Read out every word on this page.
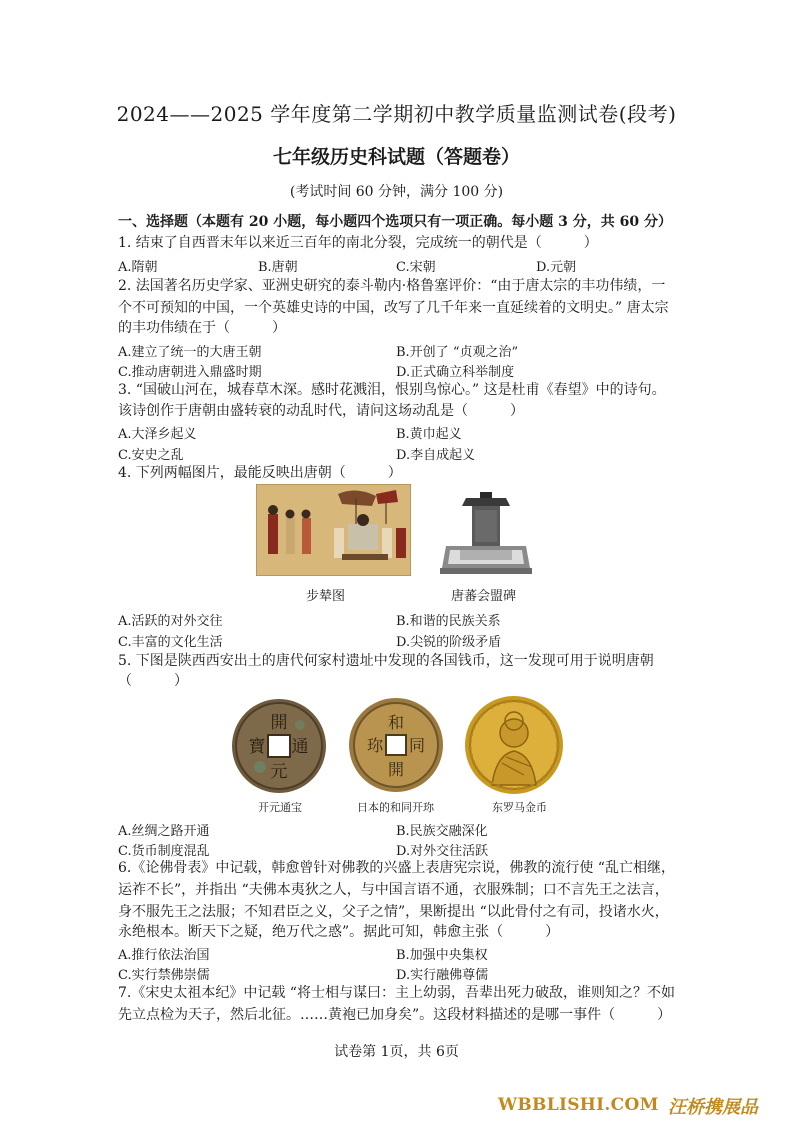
2024——2025 学年度第二学期初中教学质量监测试卷(段考)
七年级历史科试题（答题卷）
(考试时间 60 分钟，满分 100 分)
一、选择题（本题有 20 小题，每小题四个选项只有一项正确。每小题 3 分，共 60 分）
1. 结束了自西晋末年以来近三百年的南北分裂，完成统一的朝代是（　　　）
A.隋朝	B.唐朝	C.宋朝	D.元朝
2. 法国著名历史学家、亚洲史研究的泰斗勒内·格鲁塞评价：“由于唐太宗的丰功伟绩，一
个不可预知的中国，一个英雄史诗的中国，改写了几千年来一直延续着的文明史。” 唐太宗
的丰功伟绩在于（　　　）
A.建立了统一的大唐王朝	B.开创了 “贞观之治”
C.推动唐朝进入鼎盛时期	D.正式确立科举制度
3. “国破山河在，城春草木深。感时花溅泪，恨别鸟惊心。” 这是杜甫《春望》中的诗句。
该诗创作于唐朝由盛转衰的动乱时代，请问这场动乱是（　　　）
A.大泽乡起义	B.黄巾起义
C.安史之乱	D.李自成起义
4. 下列两幅图片，最能反映出唐朝（　　　）
步辇图	唐蕃会盟碑
A.活跃的对外交往	B.和谐的民族关系
C.丰富的文化生活	D.尖锐的阶级矛盾
5. 下图是陕西西安出土的唐代何家村遗址中发现的各国钱币，这一发现可用于说明唐朝
（　　　）
開
元
通
寶
和
同
開
珎
开元通宝	日本的和同开珎	东罗马金币
A.丝绸之路开通	B.民族交融深化
C.货币制度混乱	D.对外交往活跃
6.《论佛骨表》中记载，韩愈曾针对佛教的兴盛上表唐宪宗说，佛教的流行使 “乱亡相继，
运祚不长”，并指出 “夫佛本夷狄之人，与中国言语不通，衣服殊制；口不言先王之法言，
身不服先王之法服；不知君臣之义，父子之情”，果断提出 “以此骨付之有司，投诸水火，
永绝根本。断天下之疑，绝万代之惑”。据此可知，韩愈主张（　　　）
A.推行依法治国	B.加强中央集权
C.实行禁佛崇儒	D.实行融佛尊儒
7.《宋史太祖本纪》中记载 “将士相与谋曰：主上幼弱，吾辈出死力破敌，谁则知之？不如
先立点检为天子，然后北征。……黄袍已加身矣”。这段材料描述的是哪一事件（　　　）
试卷第 1页，共 6页
WBBLISHI.COM 汪桥携展品
